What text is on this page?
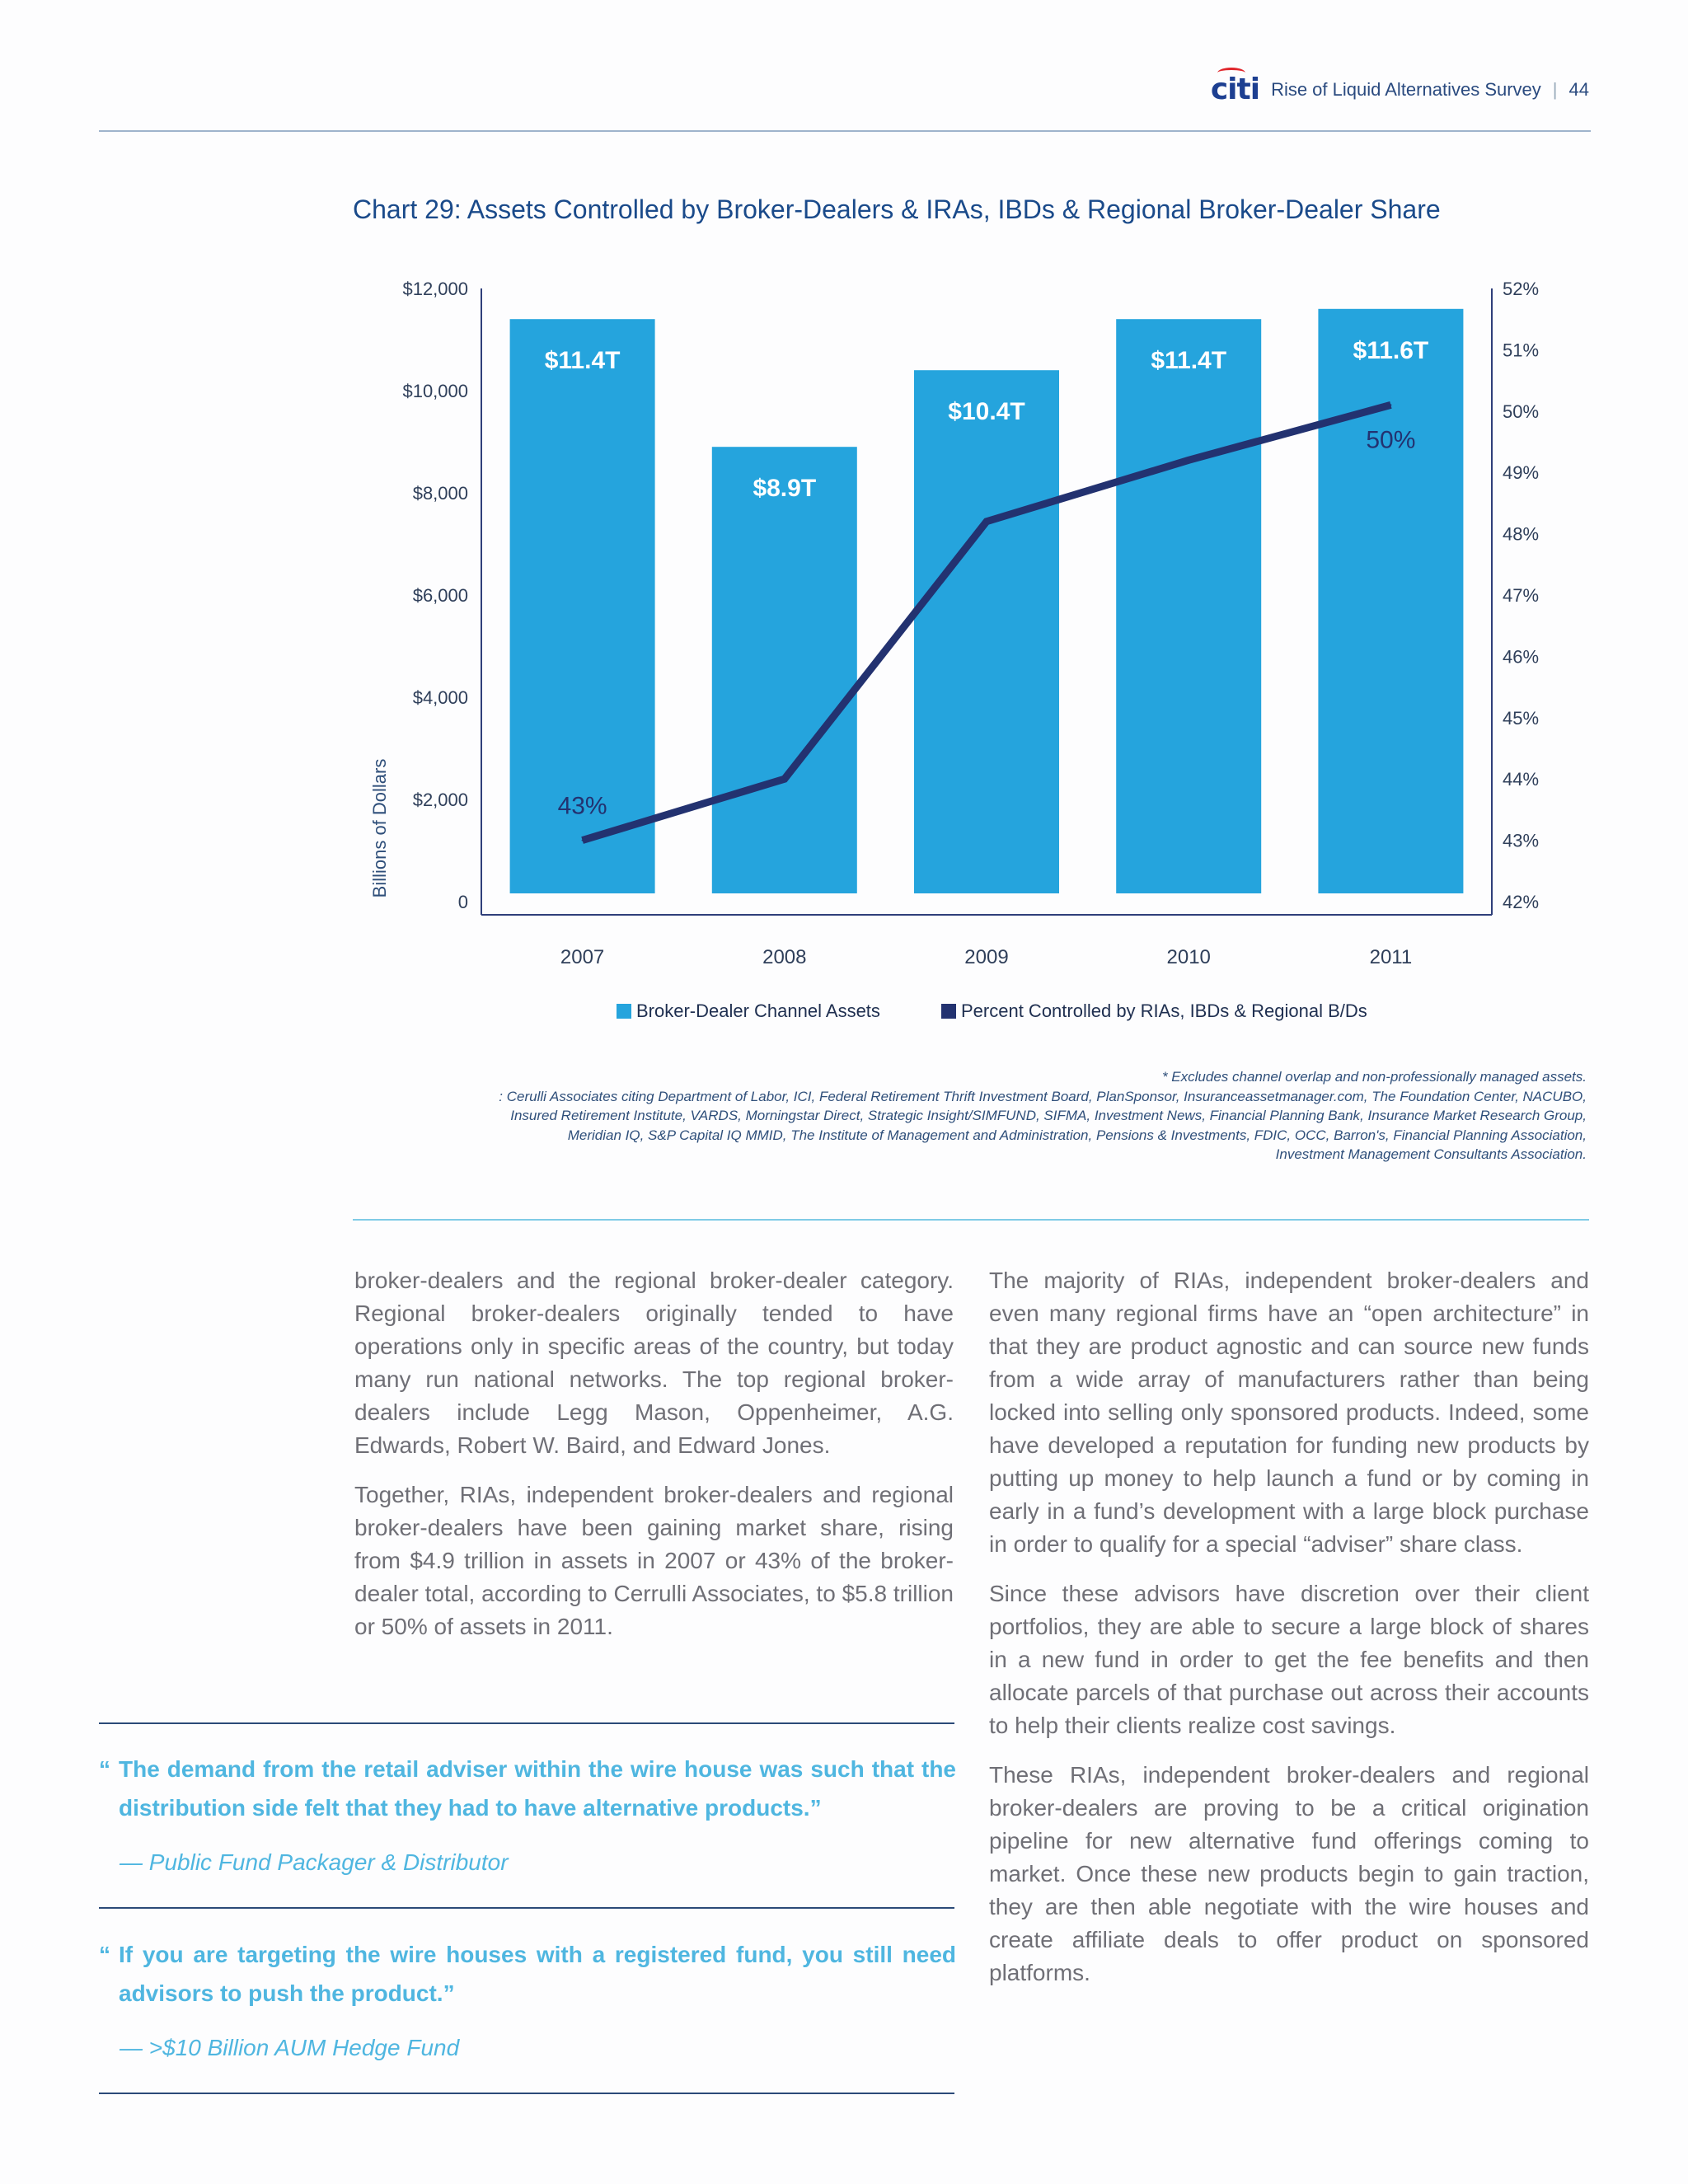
citi Rise of Liquid Alternatives Survey | 44
Chart 29: Assets Controlled by Broker-Dealers & IRAs, IBDs & Regional Broker-Dealer Share
Billions of Dollars
0
$2,000
$4,000
$6,000
$8,000
$10,000
$12,000
42%
43%
44%
45%
46%
47%
48%
49%
50%
51%
52%
2007	2008	2009	2010	2011
$11.4T
$8.9T
$10.4T
$11.4T	$11.6T
43%
50%
Broker-Dealer Channel Assets	Percent Controlled by RIAs, IBDs & Regional B/Ds
* Excludes channel overlap and non-professionally managed assets.
: Cerulli Associates citing Department of Labor, ICI, Federal Retirement Thrift Investment Board, PlanSponsor, Insuranceassetmanager.com, The Foundation Center, NACUBO,
Insured Retirement Institute, VARDS, Morningstar Direct, Strategic Insight/SIMFUND, SIFMA, Investment News, Financial Planning Bank, Insurance Market Research Group,
Meridian IQ, S&P Capital IQ MMID, The Institute of Management and Administration, Pensions & Investments, FDIC, OCC, Barron's, Financial Planning Association,
Investment Management Consultants Association.

broker-dealers and the regional broker-dealer category. Regional broker-dealers originally tended to have operations only in specific areas of the country, but today many run national networks. The top regional broker-dealers include Legg Mason, Oppenheimer, A.G. Edwards, Robert W. Baird, and Edward Jones.

Together, RIAs, independent broker-dealers and regional broker-dealers have been gaining market share, rising from $4.9 trillion in assets in 2007 or 43% of the broker-dealer total, according to Cerrulli Associates, to $5.8 trillion or 50% of assets in 2011.

The majority of RIAs, independent broker-dealers and even many regional firms have an “open architecture” in that they are product agnostic and can source new funds from a wide array of manufacturers rather than being locked into selling only sponsored products. Indeed, some have developed a reputation for funding new products by putting up money to help launch a fund or by coming in early in a fund’s development with a large block purchase in order to qualify for a special “adviser” share class.

Since these advisors have discretion over their client portfolios, they are able to secure a large block of shares in a new fund in order to get the fee benefits and then allocate parcels of that purchase out across their accounts to help their clients realize cost savings.

These RIAs, independent broker-dealers and regional broker-dealers are proving to be a critical origination pipeline for new alternative fund offerings coming to market. Once these new products begin to gain traction, they are then able negotiate with the wire houses and create affiliate deals to offer product on sponsored platforms.

“ The demand from the retail adviser within the wire house was such that the distribution side felt that they had to have alternative products.”
— Public Fund Packager & Distributor
“ If you are targeting the wire houses with a registered fund, you still need advisors to push the product.”
— >$10 Billion AUM Hedge Fund
